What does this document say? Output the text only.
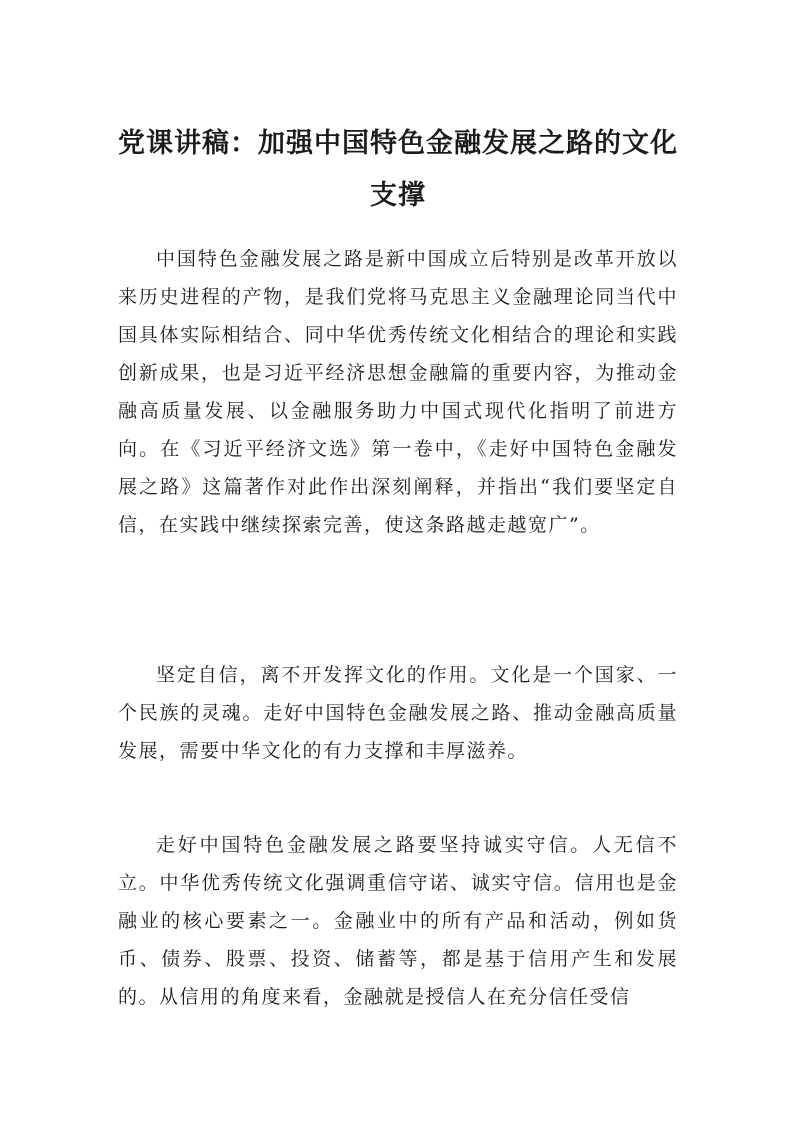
党课讲稿：加强中国特色金融发展之路的文化支撑

中国特色金融发展之路是新中国成立后特别是改革开放以来历史进程的产物，是我们党将马克思主义金融理论同当代中国具体实际相结合、同中华优秀传统文化相结合的理论和实践创新成果，也是习近平经济思想金融篇的重要内容，为推动金融高质量发展、以金融服务助力中国式现代化指明了前进方向。在《习近平经济文选》第一卷中，《走好中国特色金融发展之路》这篇著作对此作出深刻阐释，并指出“我们要坚定自信，在实践中继续探索完善，使这条路越走越宽广”。

坚定自信，离不开发挥文化的作用。文化是一个国家、一个民族的灵魂。走好中国特色金融发展之路、推动金融高质量发展，需要中华文化的有力支撑和丰厚滋养。

走好中国特色金融发展之路要坚持诚实守信。人无信不立。中华优秀传统文化强调重信守诺、诚实守信。信用也是金融业的核心要素之一。金融业中的所有产品和活动，例如货币、债券、股票、投资、储蓄等，都是基于信用产生和发展的。从信用的角度来看，金融就是授信人在充分信任受信
